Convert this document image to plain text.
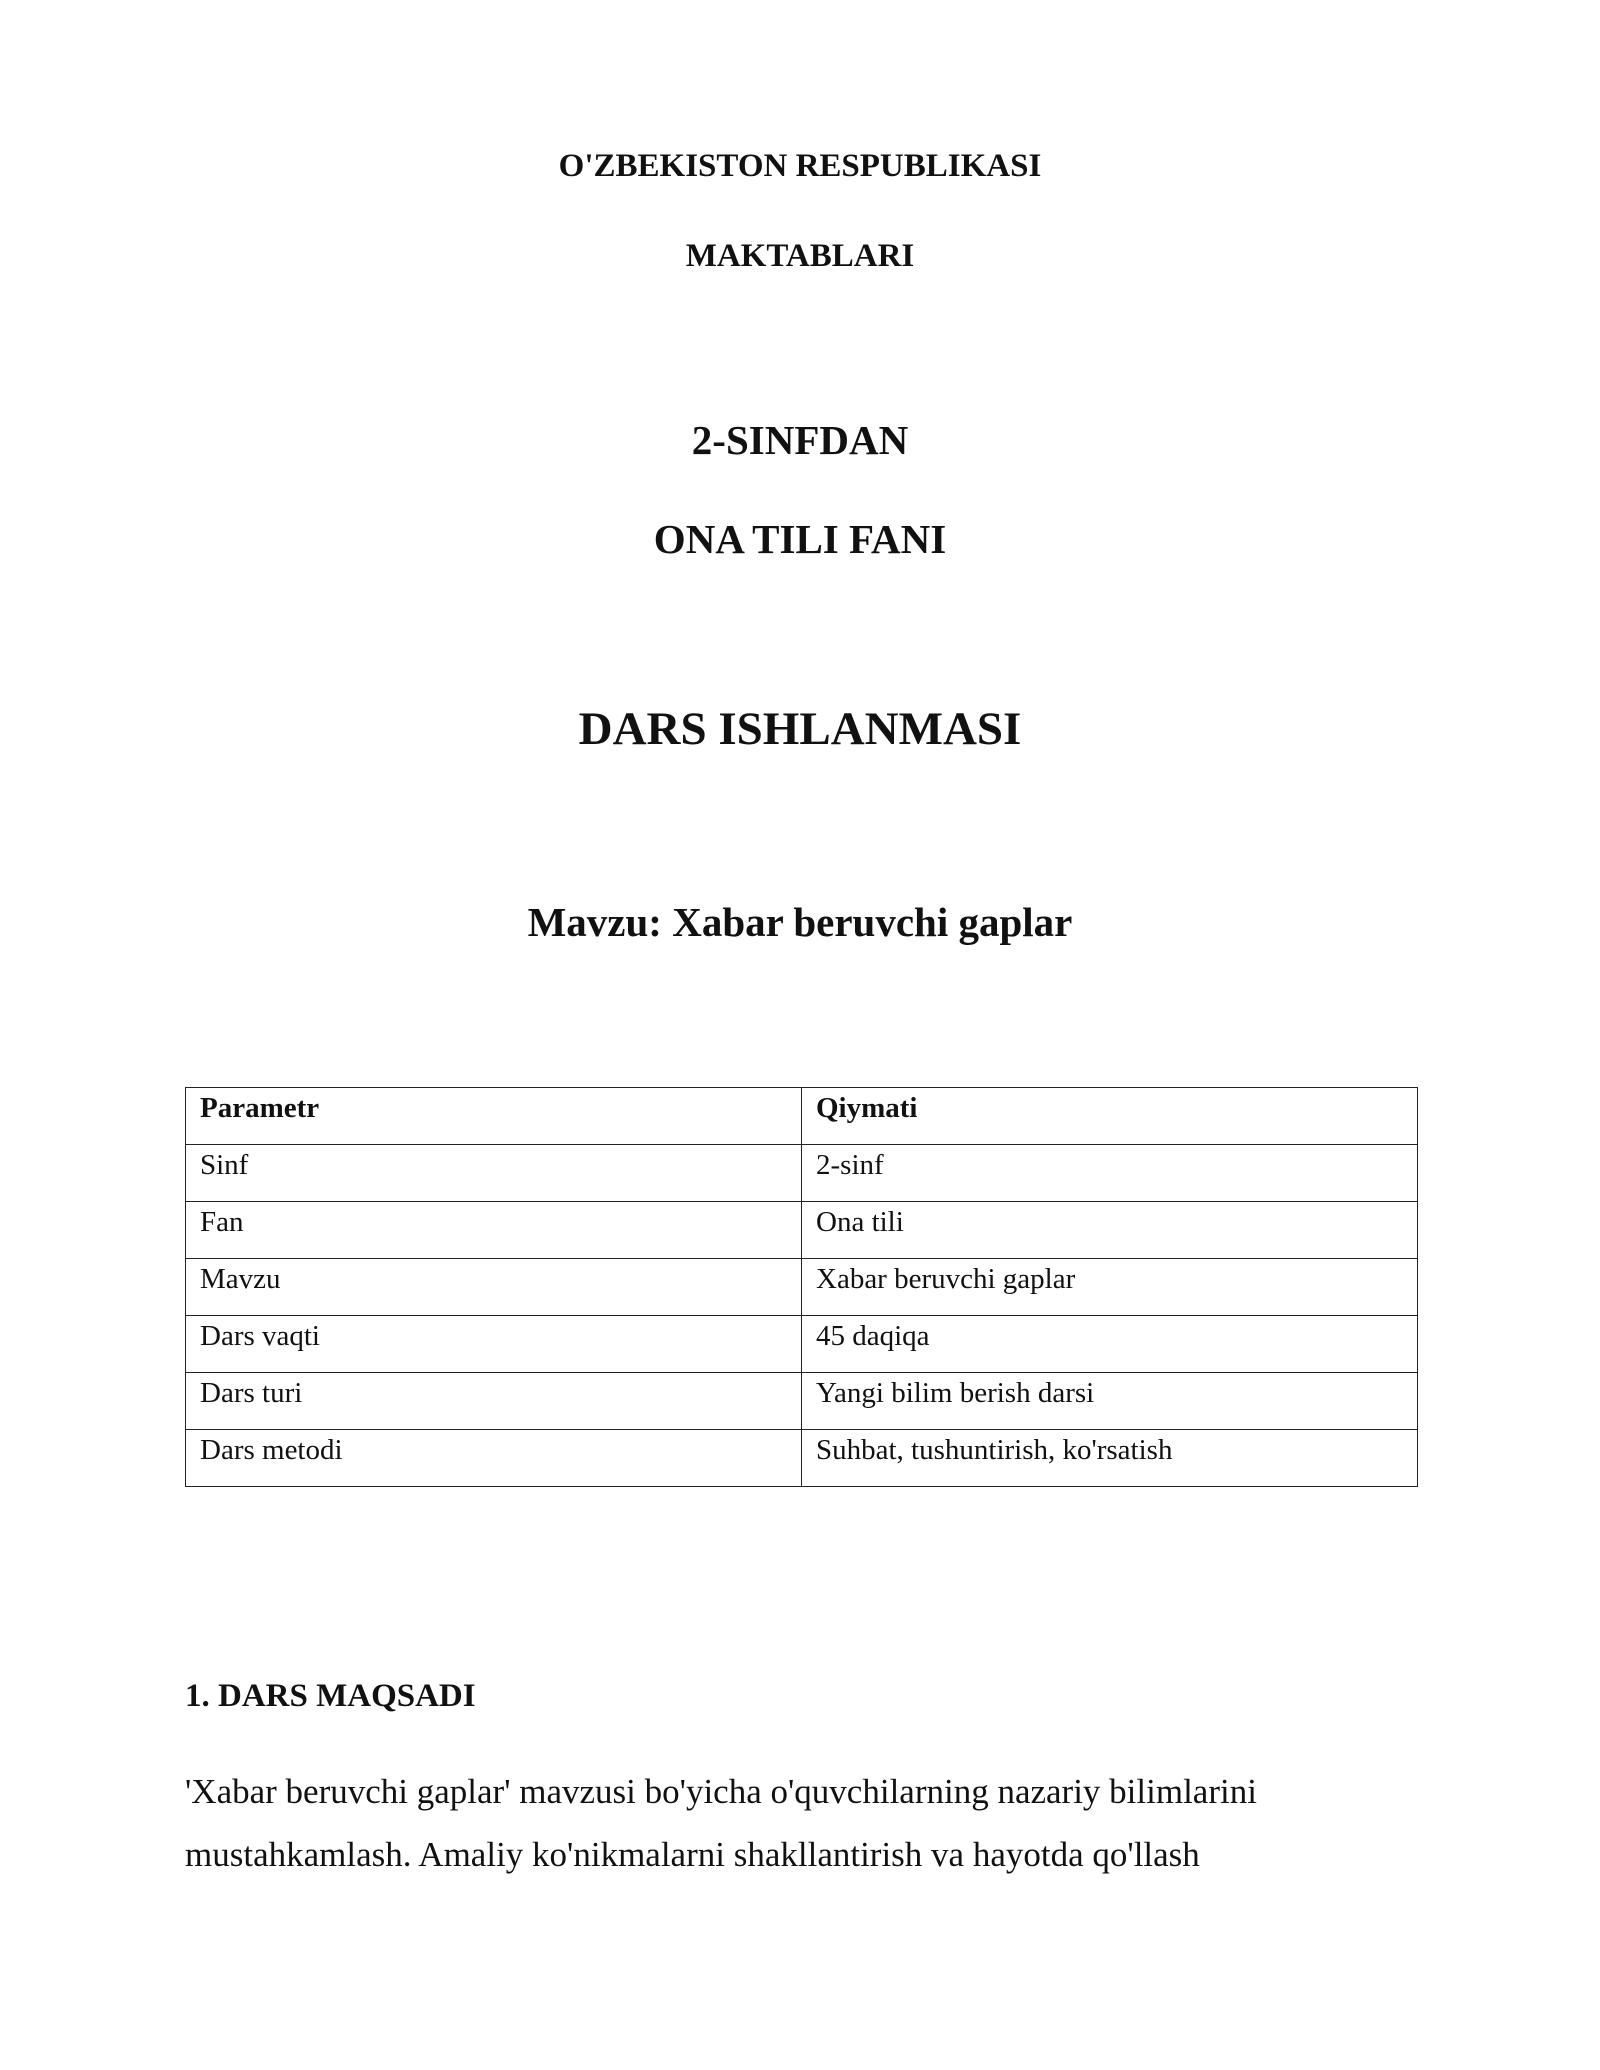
O'ZBEKISTON RESPUBLIKASI
MAKTABLARI
2-SINFDAN
ONA TILI FANI
DARS ISHLANMASI
Mavzu: Xabar beruvchi gaplar
Parametr	Qiymati
Sinf	2-sinf
Fan	Ona tili
Mavzu	Xabar beruvchi gaplar
Dars vaqti	45 daqiqa
Dars turi	Yangi bilim berish darsi
Dars metodi	Suhbat, tushuntirish, ko'rsatish
1. DARS MAQSADI
'Xabar beruvchi gaplar' mavzusi bo'yicha o'quvchilarning nazariy bilimlarini
mustahkamlash. Amaliy ko'nikmalarni shakllantirish va hayotda qo'llash
